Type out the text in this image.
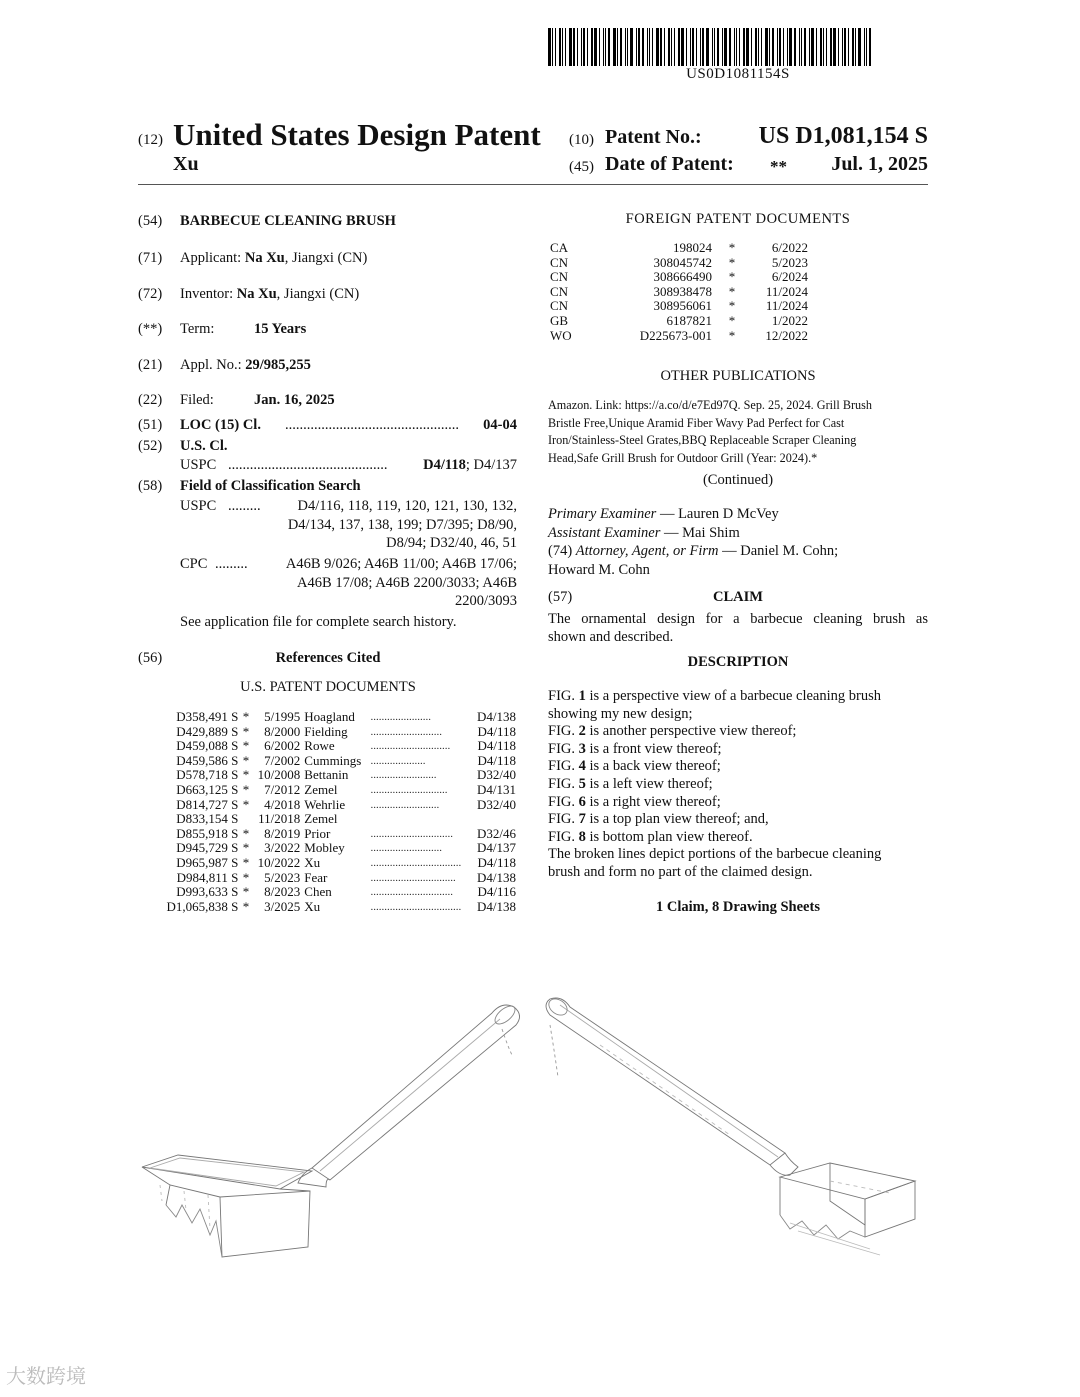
US0D1081154S
(12) United States Design Patent
Xu
(10) Patent No.:	US D1,081,154 S
(45) Date of Patent: **	Jul. 1, 2025
(54) BARBECUE CLEANING BRUSH
(71) Applicant: Na Xu, Jiangxi (CN)
(72) Inventor: Na Xu, Jiangxi (CN)
(**) Term:	15 Years
(21) Appl. No.: 29/985,255
(22) Filed:	Jan. 16, 2025
(51) LOC (15) Cl. ................................................	04-04
(52) U.S. Cl.
USPC ............................................	D4/118; D4/137
(58) Field of Classification Search
USPC .........	D4/116, 118, 119, 120, 121, 130, 132,
D4/134, 137, 138, 199; D7/395; D8/90,
D8/94; D32/40, 46, 51
CPC .........	A46B 9/026; A46B 11/00; A46B 17/06;
A46B 17/08; A46B 2200/3033; A46B
2200/3093
See application file for complete search history.
(56)	References Cited
U.S. PATENT DOCUMENTS
D358,491 S	*	5/1995	Hoagland	......................	D4/138
D429,889 S	*	8/2000	Fielding	..........................	D4/118
D459,088 S	*	6/2002	Rowe	.............................	D4/118
D459,586 S	*	7/2002	Cummings	....................	D4/118
D578,718 S	*	10/2008	Bettanin	........................	D32/40
D663,125 S	*	7/2012	Zemel	............................	D4/131
D814,727 S	*	4/2018	Wehrlie	.........................	D32/40
D833,154 S		11/2018	Zemel		
D855,918 S	*	8/2019	Prior	..............................	D32/46
D945,729 S	*	3/2022	Mobley	..........................	D4/137
D965,987 S	*	10/2022	Xu	.................................	D4/118
D984,811 S	*	5/2023	Fear	...............................	D4/138
D993,633 S	*	8/2023	Chen	..............................	D4/116
D1,065,838 S	*	3/2025	Xu	.................................	D4/138
FOREIGN PATENT DOCUMENTS
CA	198024	*	6/2022
CN	308045742	*	5/2023
CN	308666490	*	6/2024
CN	308938478	*	11/2024
CN	308956061	*	11/2024
GB	6187821	*	1/2022
WO	D225673-001	*	12/2022
OTHER PUBLICATIONS
Amazon. Link: https://a.co/d/e7Ed97Q. Sep. 25, 2024. Grill Brush
Bristle Free,Unique Aramid Fiber Wavy Pad Perfect for Cast
Iron/Stainless-Steel Grates,BBQ Replaceable Scraper Cleaning
Head,Safe Grill Brush for Outdoor Grill (Year: 2024).*
(Continued)
Primary Examiner — Lauren D McVey
Assistant Examiner — Mai Shim
(74) Attorney, Agent, or Firm — Daniel M. Cohn;
Howard M. Cohn
(57)	CLAIM
The ornamental design for a barbecue cleaning brush as
shown and described.
DESCRIPTION

FIG. 1 is a perspective view of a barbecue cleaning brush

showing my new design;

FIG. 2 is another perspective view thereof;

FIG. 3 is a front view thereof;

FIG. 4 is a back view thereof;

FIG. 5 is a left view thereof;

FIG. 6 is a right view thereof;

FIG. 7 is a top plan view thereof; and,

FIG. 8 is bottom plan view thereof.

The broken lines depict portions of the barbecue cleaning

brush and form no part of the claimed design.

1 Claim, 8 Drawing Sheets
大数跨境
